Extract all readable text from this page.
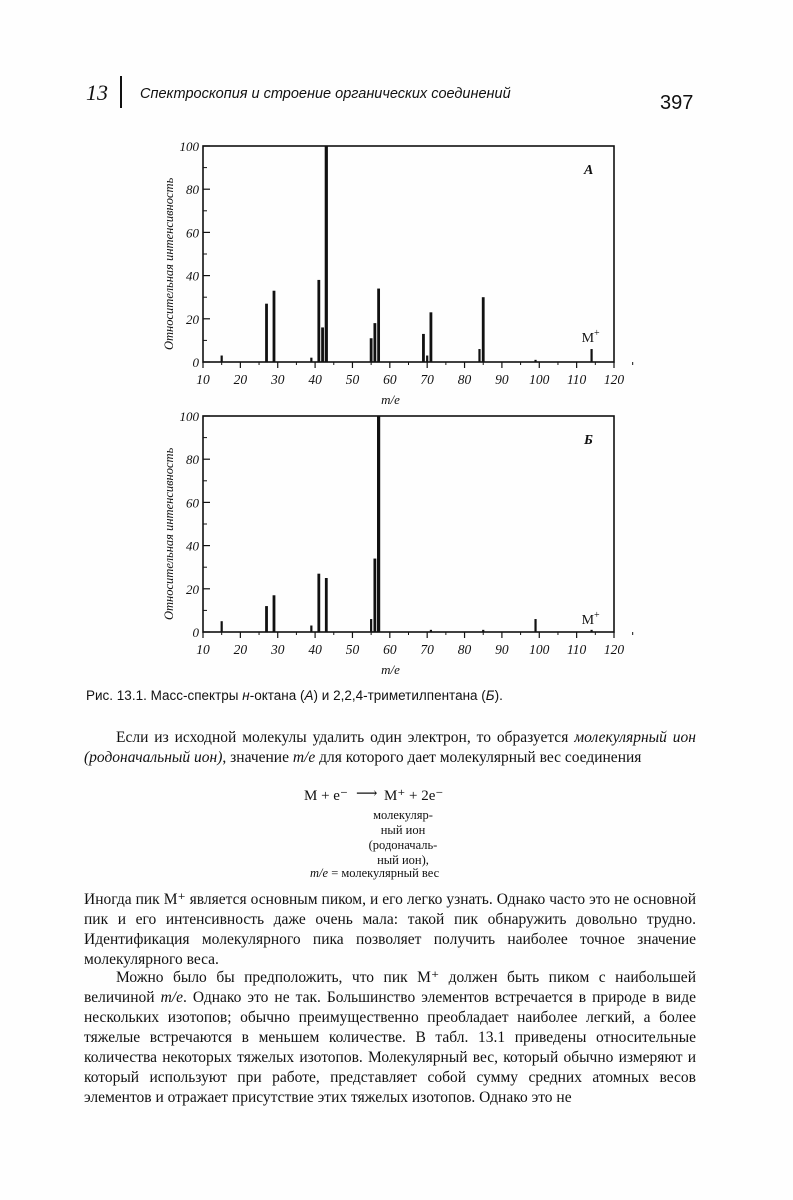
13 Спектроскопия и строение органических соединений	397
Относительная интенсивность
0
20
40
60
80
100
10 20 30 40 50 60 70 80 90 100 110 120
m/e
А
M+
Относительная интенсивность
0
20
40
60
80
100
10 20 30 40 50 60 70 80 90 100 110 120
m/e
Б
M+
Рис. 13.1. Масс-спектры н-октана (А) и 2,2,4-триметилпентана (Б).

Если из исходной молекулы удалить один электрон, то образуется молекулярный ион (родоначальный ион), значение m/e для которого дает молекулярный вес соединения

M + e⁻ ⟶ M⁺ + 2e⁻
молекуляр-
ный ион
(родоначаль-
ный ион),
m/e = молекулярный вес

Иногда пик M⁺ является основным пиком, и его легко узнать. Однако часто это не основной пик и его интенсивность даже очень мала: такой пик обнаружить довольно трудно. Идентификация молекулярного пика позволяет получить наиболее точное значение молекулярного веса.

Можно было бы предположить, что пик M⁺ должен быть пиком с наибольшей величиной m/e. Однако это не так. Большинство элементов встречается в природе в виде нескольких изотопов; обычно преимущественно преобладает наиболее легкий, а более тяжелые встречаются в меньшем количестве. В табл. 13.1 приведены относительные количества некоторых тяжелых изотопов. Молекулярный вес, который обычно измеряют и который используют при работе, представляет собой сумму средних атомных весов элементов и отражает присутствие этих тяжелых изотопов. Однако это не
